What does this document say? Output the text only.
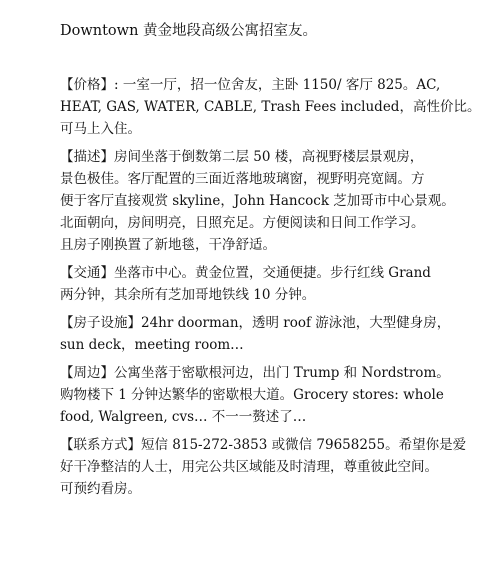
Downtown 黄金地段高级公寓招室友。
【价格】: 一室一厅，招一位舍友，主卧 1150/ 客厅 825。AC,
HEAT, GAS, WATER, CABLE, Trash Fees included，高性价比。
可马上入住。
【描述】房间坐落于倒数第二层 50 楼，高视野楼层景观房，
景色极佳。客厅配置的三面近落地玻璃窗，视野明亮宽阔。方
便于客厅直接观赏 skyline，John Hancock 芝加哥市中心景观。
北面朝向，房间明亮，日照充足。方便阅读和日间工作学习。
且房子刚换置了新地毯，干净舒适。
【交通】坐落市中心。黄金位置，交通便捷。步行红线 Grand
两分钟，其余所有芝加哥地铁线 10 分钟。
【房子设施】24hr doorman，透明 roof 游泳池，大型健身房，
sun deck，meeting room…
【周边】公寓坐落于密歇根河边，出门 Trump 和 Nordstrom。
购物楼下 1 分钟达繁华的密歇根大道。Grocery stores: whole
food, Walgreen, cvs… 不一一赘述了…
【联系方式】短信 815-272-3853 或微信 79658255。希望你是爱
好干净整洁的人士，用完公共区域能及时清理，尊重彼此空间。
可预约看房。
